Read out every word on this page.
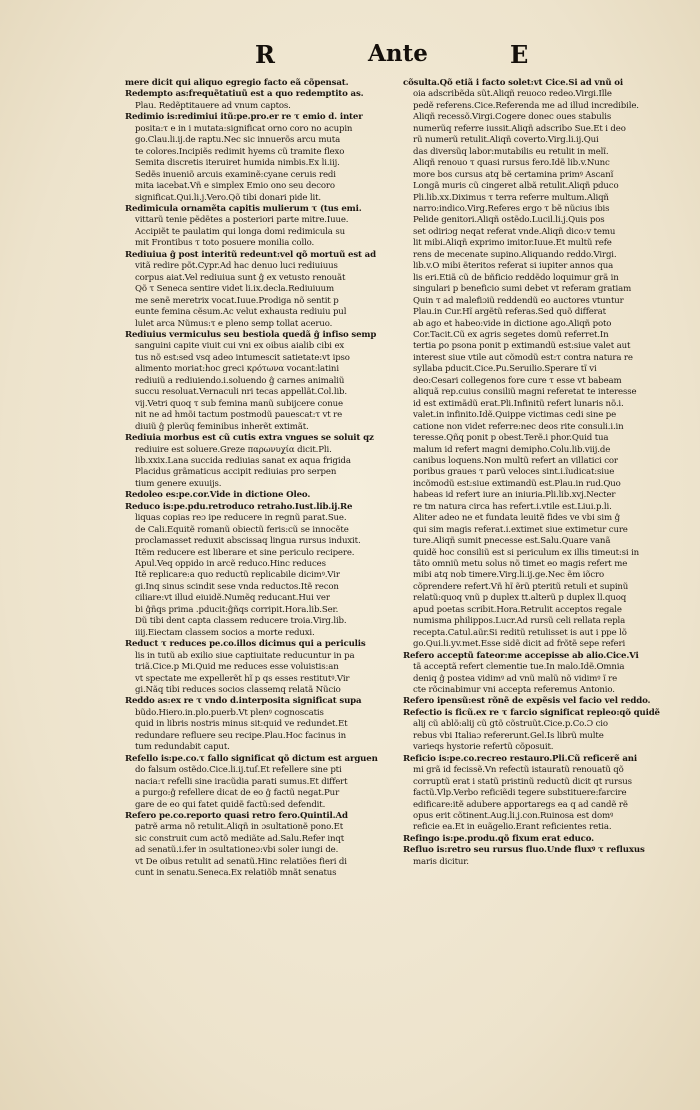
R	Ante	E
mere dicit qui aliquo egregio facto eã cõpensat.
Redempto as:frequẽtatiuũ est a quo redemptito as.
Plau. Redẽptitauere ad vnum captos.
Redimio is:redimiui itũ:pe.pro.er re τ emio d. inter
posita:τ e in i mutata:significat orno coro no acupin
go.Clau.li.ij.de raptu.Nec sic innuerõs arcu muta
te colores.Incipiẽs redimit hyems cũ tramite flexo
Semita discretis iteruiret humida nimbis.Ex li.iij.
Sedẽs inueniõ arcuis examinẽ:cyane ceruis redi
mita iacebat.Vñ e simplex Emio ono seu decoro
significat.Qui.li.j.Vero.Qõ tibi donari pide lit.
Redimicula ornamẽta capitis mulierum τ (tus emi.
vittarũ tenie pẽdẽtes a posteriori parte mitre.Iuue.
Accipiẽt te paulatim qui longa domi redimicula su
mit Frontibus τ toto posuere monilia collo.
Rediuiua ĝ post interitũ redeunt:vel qõ mortuũ est ad
vitã redire põt.Cypr.Ad hac denuo luci rediuiuus
corpus aiat.Vel rediuiua sunt ĝ ex vetusto renouãt
Qõ τ Seneca sentire videt li.ix.decla.Rediuiuum
me senẽ meretrix vocat.Iuue.Prodiga nõ sentit p
eunte femina cẽsum.Ac velut exhausta rediuiu pul
lulet arca Nũmus:τ e pleno semp tollat aceruo.
Rediuius vermiculus seu bestiola quedã ĝ infiso semp
sanguini capite viuit cui vni ex oibus aialib cibi ex
tus nõ est:sed vsq adeo intumescit satietate:vt ipso
alimento moriat:hoc greci κρότωνα vocant:latini
rediuiũ a rediuiendo.i.soluendo ĝ carnes animaliũ
succu resoluat.Vernaculi nri tecas appellãt.Col.lib.
vij.Vetri quoq τ sub femina manũ subijcere conue
nit ne ad hmõi tactum postmodũ pauescat:τ vt re
diuiũ ĝ plerũq feminibus inherẽt extimãt.
Rediuia morbus est cũ cutis extra vngues se soluit qz
rediuire est soluere.Greze παρωνυχία dicit.Pli.
lib.xxix.Lana succida rediuias sanat ex aqua frigida
Placidus grãmaticus accipit rediuias pro serpen
tium genere exuuijs.
Redoleo es:pe.cor.Vide in dictione Oleo.
Reduco is:pe.pdu.retroduco retraho.Iust.lib.ij.Re
liquas copias reɔ ipe reducere in regnũ parat.Sue.
de Cali.Equitẽ romanũ obiectũ feris:cũ se innocẽte
proclamasset reduxit abscissaq lingua rursus induxit.
Itẽm reducere est liberare et sine periculo recipere.
Apul.Veq oppido in arcẽ reduco.Hinc reduces
Itẽ replicare:a quo reductũ replicabile dicimꝰ.Vir
gi.Inq sinus scindit sese vnda reductos.Itẽ recon
ciliare:vt illud eiuidẽ.Numẽq reducant.Hui ver
bi ĝñqs prima .pducit:ĝñqs corripit.Hora.lib.Ser.
Dũ tibi dent capta classem reducere troia.Virg.lib.
iiij.Eiectam classem socios a morte reduxi.
Reduct τ reduces pe.co.illos dicimus qui a periculis
lis in tutũ ab exilio siue captiuitate reducuntur in pa
triã.Cice.p Mi.Quid me reduces esse voluistis:an
vt spectate me expellerẽt hĩ p qs esses restitutꝰ.Vir
gi.Nãq tibi reduces socios classemq relatã Nũcio
Reddo as:ex re τ vndo d.interposita significat supa
bũdo.Hiero.in.plo.puerb.Vt plenꝰ cognoscatis
quid in libris nostris minus sit:quid ve redundet.Et
redundare refluere seu recipe.Plau.Hoc facinus in
tum redundabit caput.
Refello is:pe.co.τ fallo significat qõ dictum est arguen
do falsum ostẽdo.Cice.li.ij.tuſ.Et refellere sine pti
nacia:τ refelli sine iracũdia parati sumus.Et differt
a purgo:ĝ refellere dicat de eo ĝ factũ negat.Pur
gare de eo qui fatet quidẽ factũ:sed defendit.
Refero pe.co.reporto quasi retro fero.Quintil.Ad
patrẽ arma nõ retulit.Aliqñ in ɔsultationẽ pono.Et
sic construit cum actõ mediãte ad.Salu.Refer inqt
ad senatũ.i.fer in ɔsultationeɔ:vbi soler iungi de.
vt De oibus retulit ad senatũ.Hinc relatiões fieri di
cunt in senatu.Seneca.Ex relatiõb mnãt senatus
cõsulta.Qõ etiã i facto solet:vt Cice.Si ad vnũ oi
oia adscribẽda sũt.Aliqñ reuoco redeo.Virgi.Ille
pedẽ referens.Cice.Referenda me ad illud incredibile.
Aliqñ recessõ.Virgi.Cogere donec oues stabulis
numerũq referre iussit.Aliqñ adscribo Sue.Et i deo
rũ numerũ retulit.Aliqñ coverto.Virg.li.ij.Qui
das diversũq labor:mutabilis eu retulit in melĩ.
Aliqñ renouo τ quasi rursus fero.Idẽ lib.v.Nunc
more bos cursus atq bẽ certamina primꝰ Ascanĩ
Longã muris cũ cingeret albã retulit.Aliqñ pduco
Pli.lib.xx.Diximus τ terra referre multum.Aliqñ
narro:indico.Virg.Referes ergo τ bẽ nũcius ibis
Pelide genitori.Aliqñ ostẽdo.Lucil.li.j.Quis pos
set odiriɔg neqat referat vnde.Aliqñ dico:v temu
lit mibi.Aliqñ exprimo imitor.Iuue.Et multũ refe
rens de mecenate supino.Aliquando reddo.Virgi.
lib.v.O mibi ẽteritos referat si iupiter annos qua
lis eri.Etiã cũ de bñficio reddẽdo loquimur grã in
singulari p beneficio sumi debet vt referam gratiam
Quin τ ad malefiɔiũ reddendũ eo auctores vtuntur
Plau.in Cur.Hĩ argẽtũ referas.Sed quõ differat
ab ago et habeo:vide in dictione ago.Aliqñ poto
Cor.Tacit.Cũ ex agris segetes domũ referret.In
tertia ꝑo psona ponit p extimandũ est:siue valet aut
interest siue vtile aut cõmodũ est:τ contra natura re
syllaba pducit.Cice.Pu.Seruilio.Sperare tĩ vi
deo:Cesari collegenos fore cure τ esse vt babeam
aliquã rep.cuius consiliũ magni referetat te interesse
id est extimãdũ erat.Pli.Infinitũ refert lunaris nõ.i.
valet.in infinito.Idẽ.Quippe victimas cedi sine pe
catione non videt referre:nec deos rite consuli.i.in
teresse.Qñq ponit p obest.Terẽ.i phor.Quid tua
malum id refert magni demipho.Colu.lib.viij.de
canibus loquens.Non multũ refert an villatici cor
poribus graues τ parũ veloces sint.i.ĩudicat:siue
incõmodũ est:siue extimandũ est.Plau.in rud.Quo
habeas id refert iure an iniuria.Pli.lib.xvj.Necter
re tm natura circa has refert.i.vtile est.Liui.p.li.
Aliter adeo ne et fundata leuitẽ fides ve vbi sim ĝ
qui sim magis referat.i.extimet siue extimetur cure
ture.Aliqñ sumit pnecesse est.Salu.Quare vanã
quidẽ hoc consiliũ est si periculum ex illis timeut:si in
tãto omniũ metu solus nõ timet eo magis refert me
mibi atq nob timere.Virg.li.ij.ge.Nec ẽm iõcro
cõprendere refert.Vñ hĩ ẽrũ pteritũ retuli et supinũ
relatũ:quoq vnũ p duplex tt.alterũ p duplex ll.quoq
apud poetas scribit.Hora.Retrulit acceptos regale
numisma philippos.Lucr.Ad rursũ celi rellata repla
recepta.Catul.aũr.Si reditũ retulisset is aut i ppe lõ
go.Qui.li.yv.met.Esse sidẽ dicit ad frõtẽ sepe referi
Refero acceptũ fateor:me accepisse ab alio.Cice.Vi
tã acceptã refert clementie tue.In malo.Idẽ.Omnia
deniq ĝ postea vidimꝰ ad vnũ malũ nõ vidimꝰ ĩ re
cte rõcinabimur vni accepta referemus Antonio.
Refero ipensũ:est rõnẽ de expẽsis vel facio vel reddo.
Refectio is ficũ.ex re τ farcio significat repleo:qõ quidẽ
alij cũ ablõ:alij cũ gtõ cõstruũt.Cice.p.Co.Ɔ cio
rebus vbi Italiaɔ refererunt.Gel.Is librũ multe
varieqs hystorie refertũ cõposuit.
Reficio is:pe.co.recreo restauro.Pli.Cũ reficerẽ ani
mi grã id fecissẽ.Vn refectũ istauratũ renouatũ qõ
corruptũ erat i statũ pristinũ reductũ dicit qt̃ rursus
factũ.Vlp.Verbo reficiẽdi tegere substituere:farcire
edificare:itẽ adubere apportaregs ea q ad candẽ rẽ
opus erit cõtinent.Aug.li.j.con.Ruinosa est domꝰ
reficie ea.Et in euãgelio.Erant reficientes retia.
Refingo is:pe.produ.qõ fixum erat educo.
Refluo is:retro seu rursus fluo.Unde fluxꝰ τ refluxus
maris dicitur.
